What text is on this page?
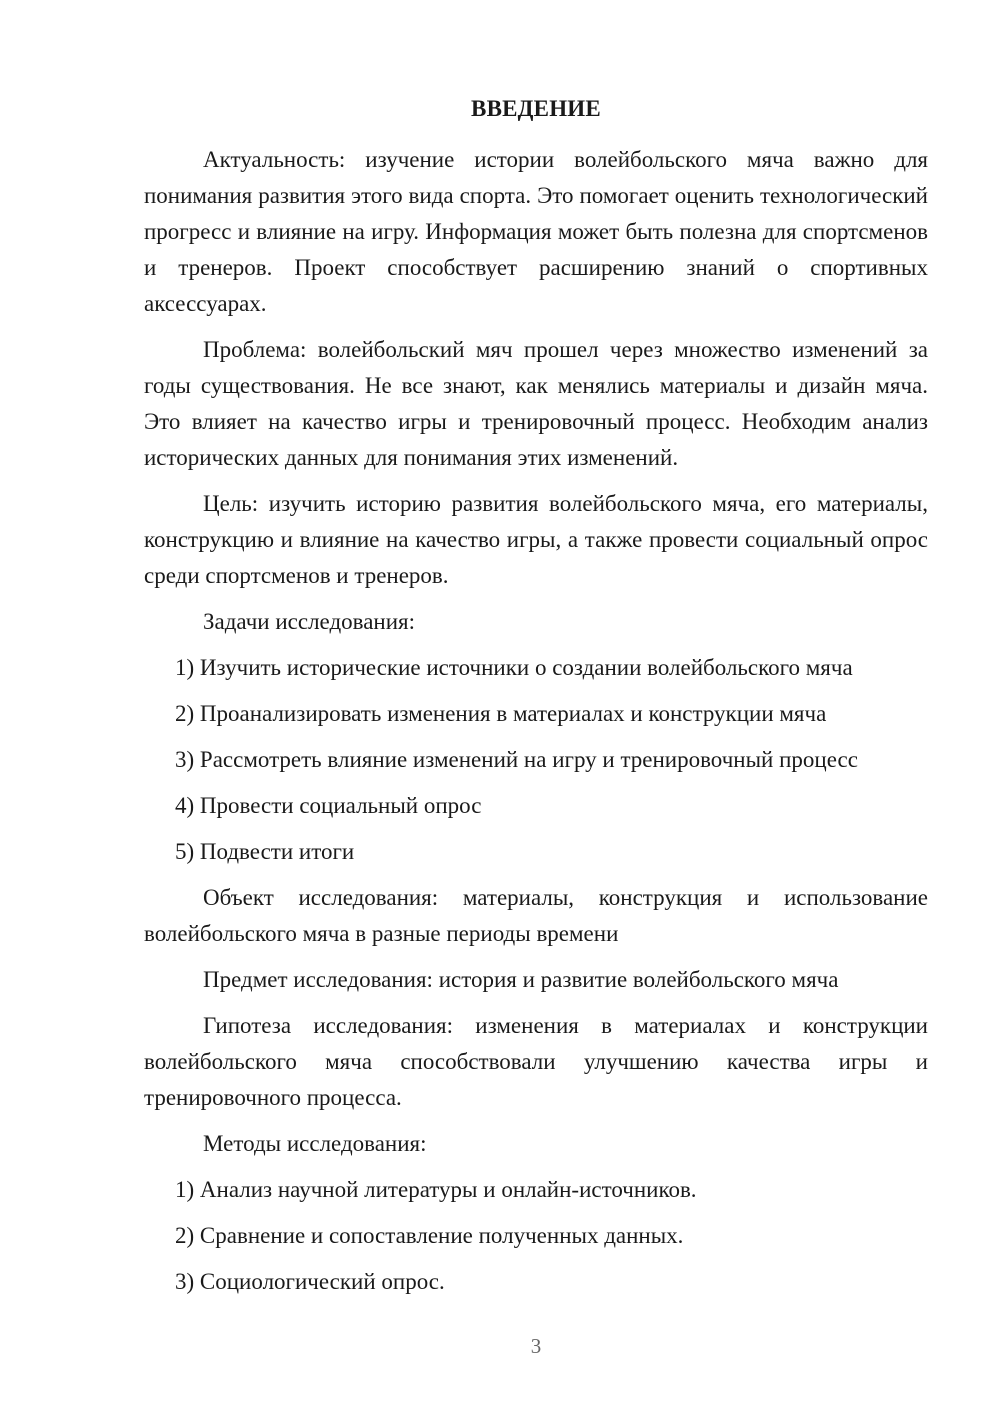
ВВЕДЕНИЕ

Актуальность: изучение истории волейбольского мяча важно для понимания развития этого вида спорта. Это помогает оценить технологический прогресс и влияние на игру. Информация может быть полезна для спортсменов и тренеров. Проект способствует расширению знаний о спортивных аксессуарах.

Проблема: волейбольский мяч прошел через множество изменений за годы существования. Не все знают, как менялись материалы и дизайн мяча. Это влияет на качество игры и тренировочный процесс. Необходим анализ исторических данных для понимания этих изменений.

Цель: изучить историю развития волейбольского мяча, его материалы, конструкцию и влияние на качество игры, а также провести социальный опрос среди спортсменов и тренеров.

Задачи исследования:

1) Изучить исторические источники о создании волейбольского мяча
2) Проанализировать изменения в материалах и конструкции мяча
3) Рассмотреть влияние изменений на игру и тренировочный процесс
4) Провести социальный опрос
5) Подвести итоги

Объект исследования: материалы, конструкция и использование волейбольского мяча в разные периоды времени

Предмет исследования: история и развитие волейбольского мяча

Гипотеза исследования: изменения в материалах и конструкции волейбольского мяча способствовали улучшению качества игры и тренировочного процесса.

Методы исследования:

1) Анализ научной литературы и онлайн-источников.
2) Сравнение и сопоставление полученных данных.
3) Социологический опрос.
3
